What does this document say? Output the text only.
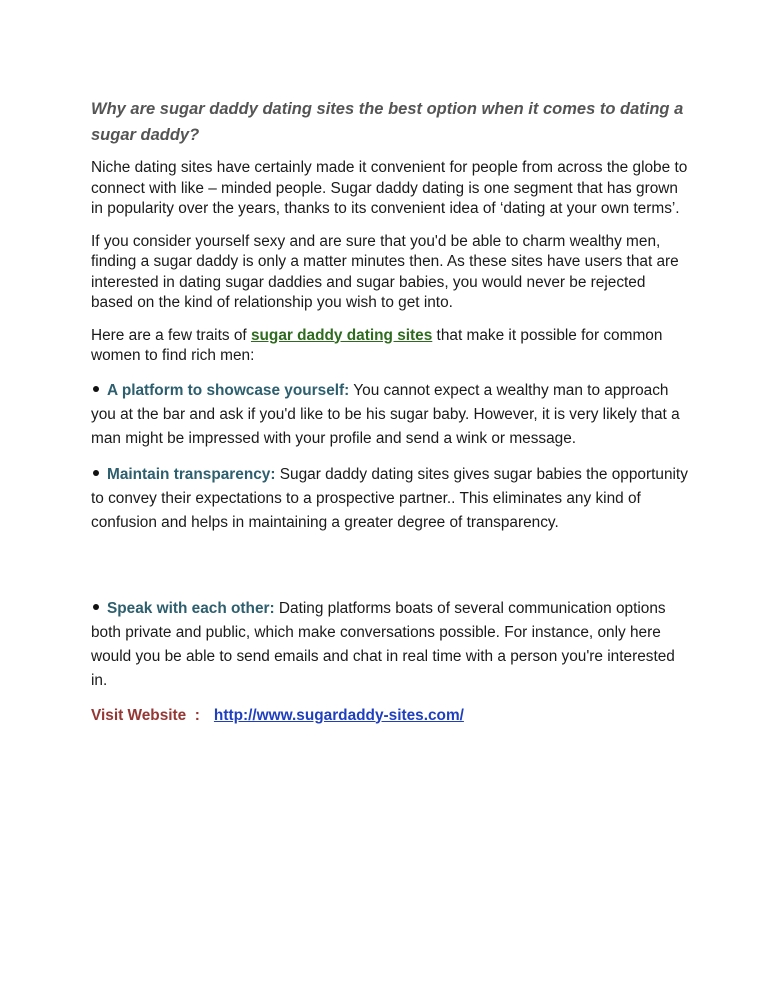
Why are sugar daddy dating sites the best option when it comes to dating a sugar daddy?

Niche dating sites have certainly made it convenient for people from across the globe to connect with like – minded people. Sugar daddy dating is one segment that has grown in popularity over the years, thanks to its convenient idea of ‘dating at your own terms’.

If you consider yourself sexy and are sure that you'd be able to charm wealthy men, finding a sugar daddy is only a matter minutes then. As these sites have users that are interested in dating sugar daddies and sugar babies, you would never be rejected based on the kind of relationship you wish to get into.

Here are a few traits of sugar daddy dating sites that make it possible for common women to find rich men:

A platform to showcase yourself: You cannot expect a wealthy man to approach you at the bar and ask if you'd like to be his sugar baby. However, it is very likely that a man might be impressed with your profile and send a wink or message.
Maintain transparency: Sugar daddy dating sites gives sugar babies the opportunity to convey their expectations to a prospective partner.. This eliminates any kind of confusion and helps in maintaining a greater degree of transparency.
Speak with each other: Dating platforms boats of several communication options both private and public, which make conversations possible. For instance, only here would you be able to send emails and chat in real time with a person you're interested in.
Visit Website  : http://www.sugardaddy-sites.com/
